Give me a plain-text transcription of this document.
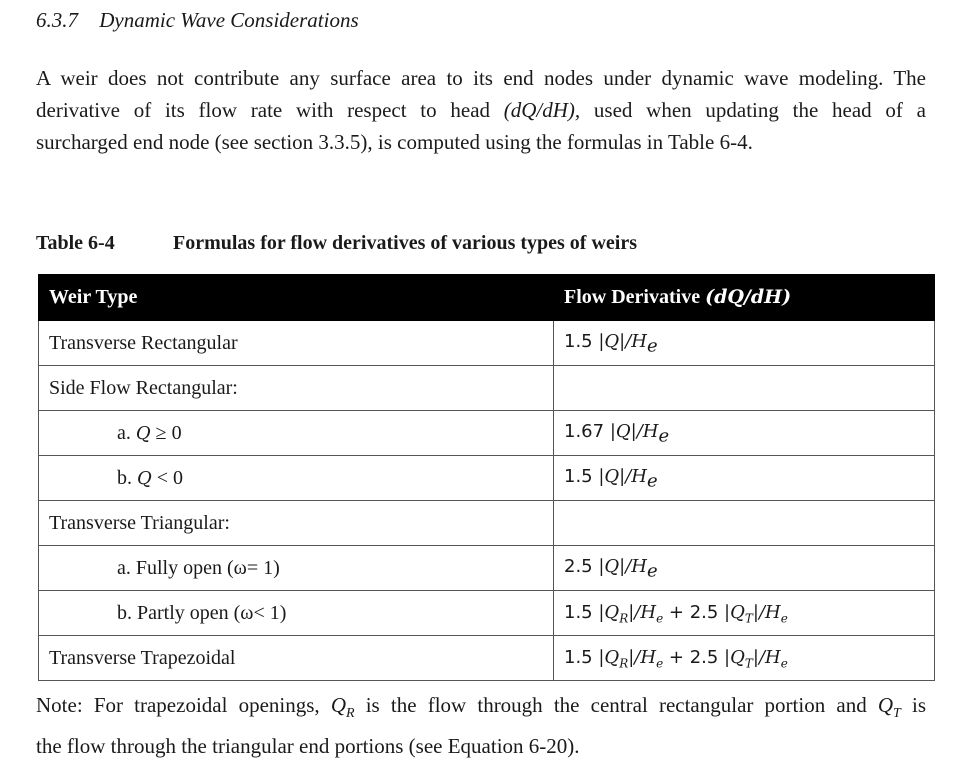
6.3.7 Dynamic Wave Considerations

A weir does not contribute any surface area to its end nodes under dynamic wave modeling. The

derivative of its flow rate with respect to head (dQ/dH), used when updating the head of a

surcharged end node (see section 3.3.5), is computed using the formulas in Table 6-4.

Table 6-4	Formulas for flow derivatives of various types of weirs
Weir Type	Flow Derivative (dQ/dH)
Transverse Rectangular	1.5 $|Q|/H_e$
Side Flow Rectangular:	
a. Q ≥ 0	1.67 $|Q|/H_e$
b. Q < 0	1.5 $|Q|/H_e$
Transverse Triangular:	
a. Fully open (ω= 1)	2.5 $|Q|/H_e$
b. Partly open (ω< 1)	1.5 $|Q_R|/H_e + 2.5$ $|Q_T|/H_e$
Transverse Trapezoidal	1.5 $|Q_R|/H_e + 2.5$ $|Q_T|/H_e$

Note: For trapezoidal openings, $Q_R$ is the flow through the central rectangular portion and $Q_T$ is

the flow through the triangular end portions (see Equation 6-20).
